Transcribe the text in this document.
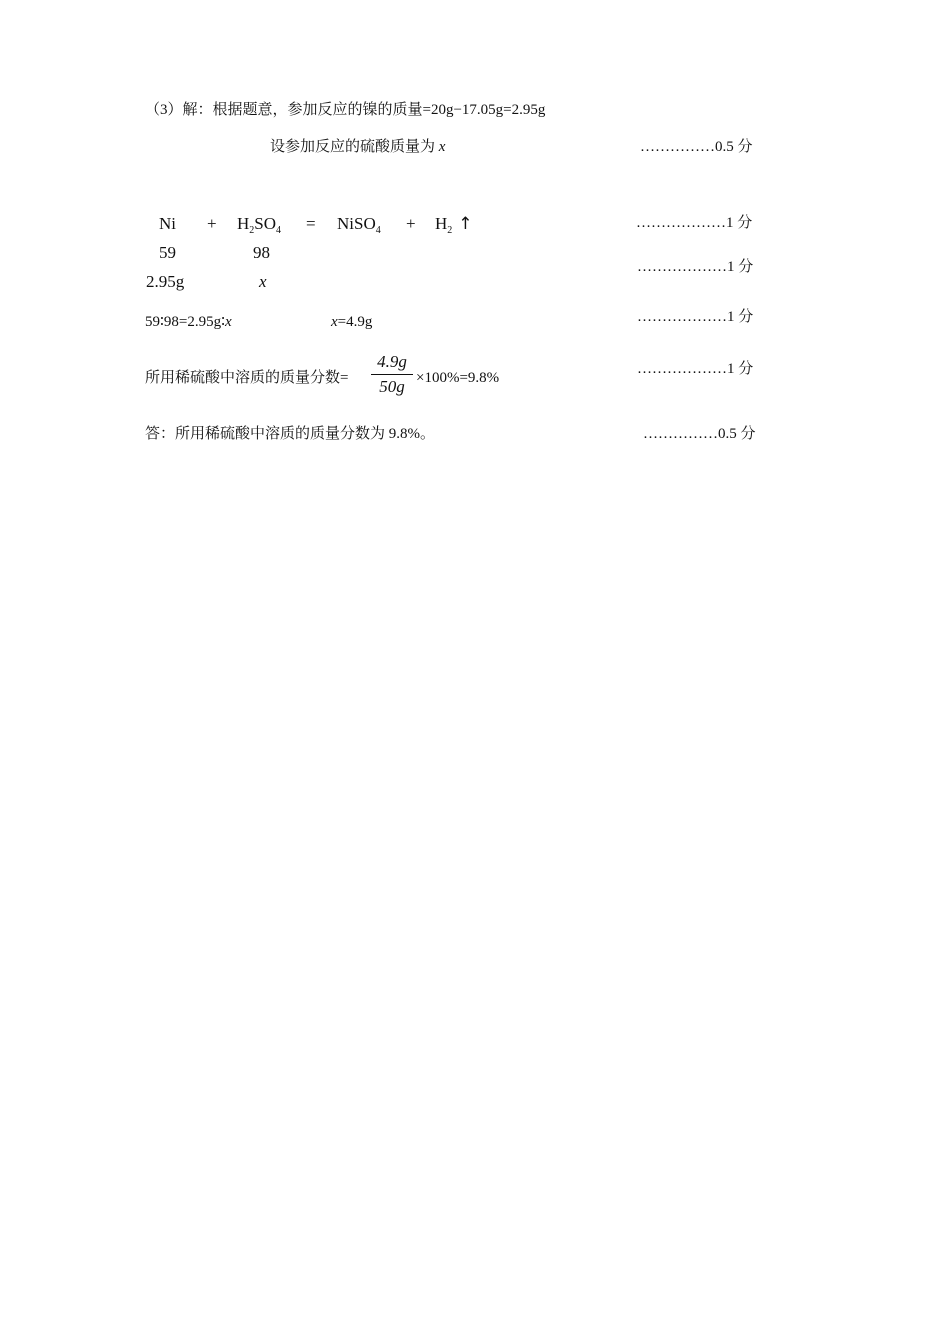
（3）解：根据题意，参加反应的镍的质量=20g−17.05g=2.95g
设参加反应的硫酸质量为 x	……………0.5 分
$Ni + H_2SO_4$ = NiSO$_4$ + $H_2$ ↑	………………1 分
59	98
………………1 分
2.95g	x
59∶98=2.95g∶x	x=4.9g	………………1 分
所用稀硫酸中溶质的质量分数=
4.9g
50g ×100%=9.8%
………………1 分
答：所用稀硫酸中溶质的质量分数为 9.8%。	……………0.5 分
